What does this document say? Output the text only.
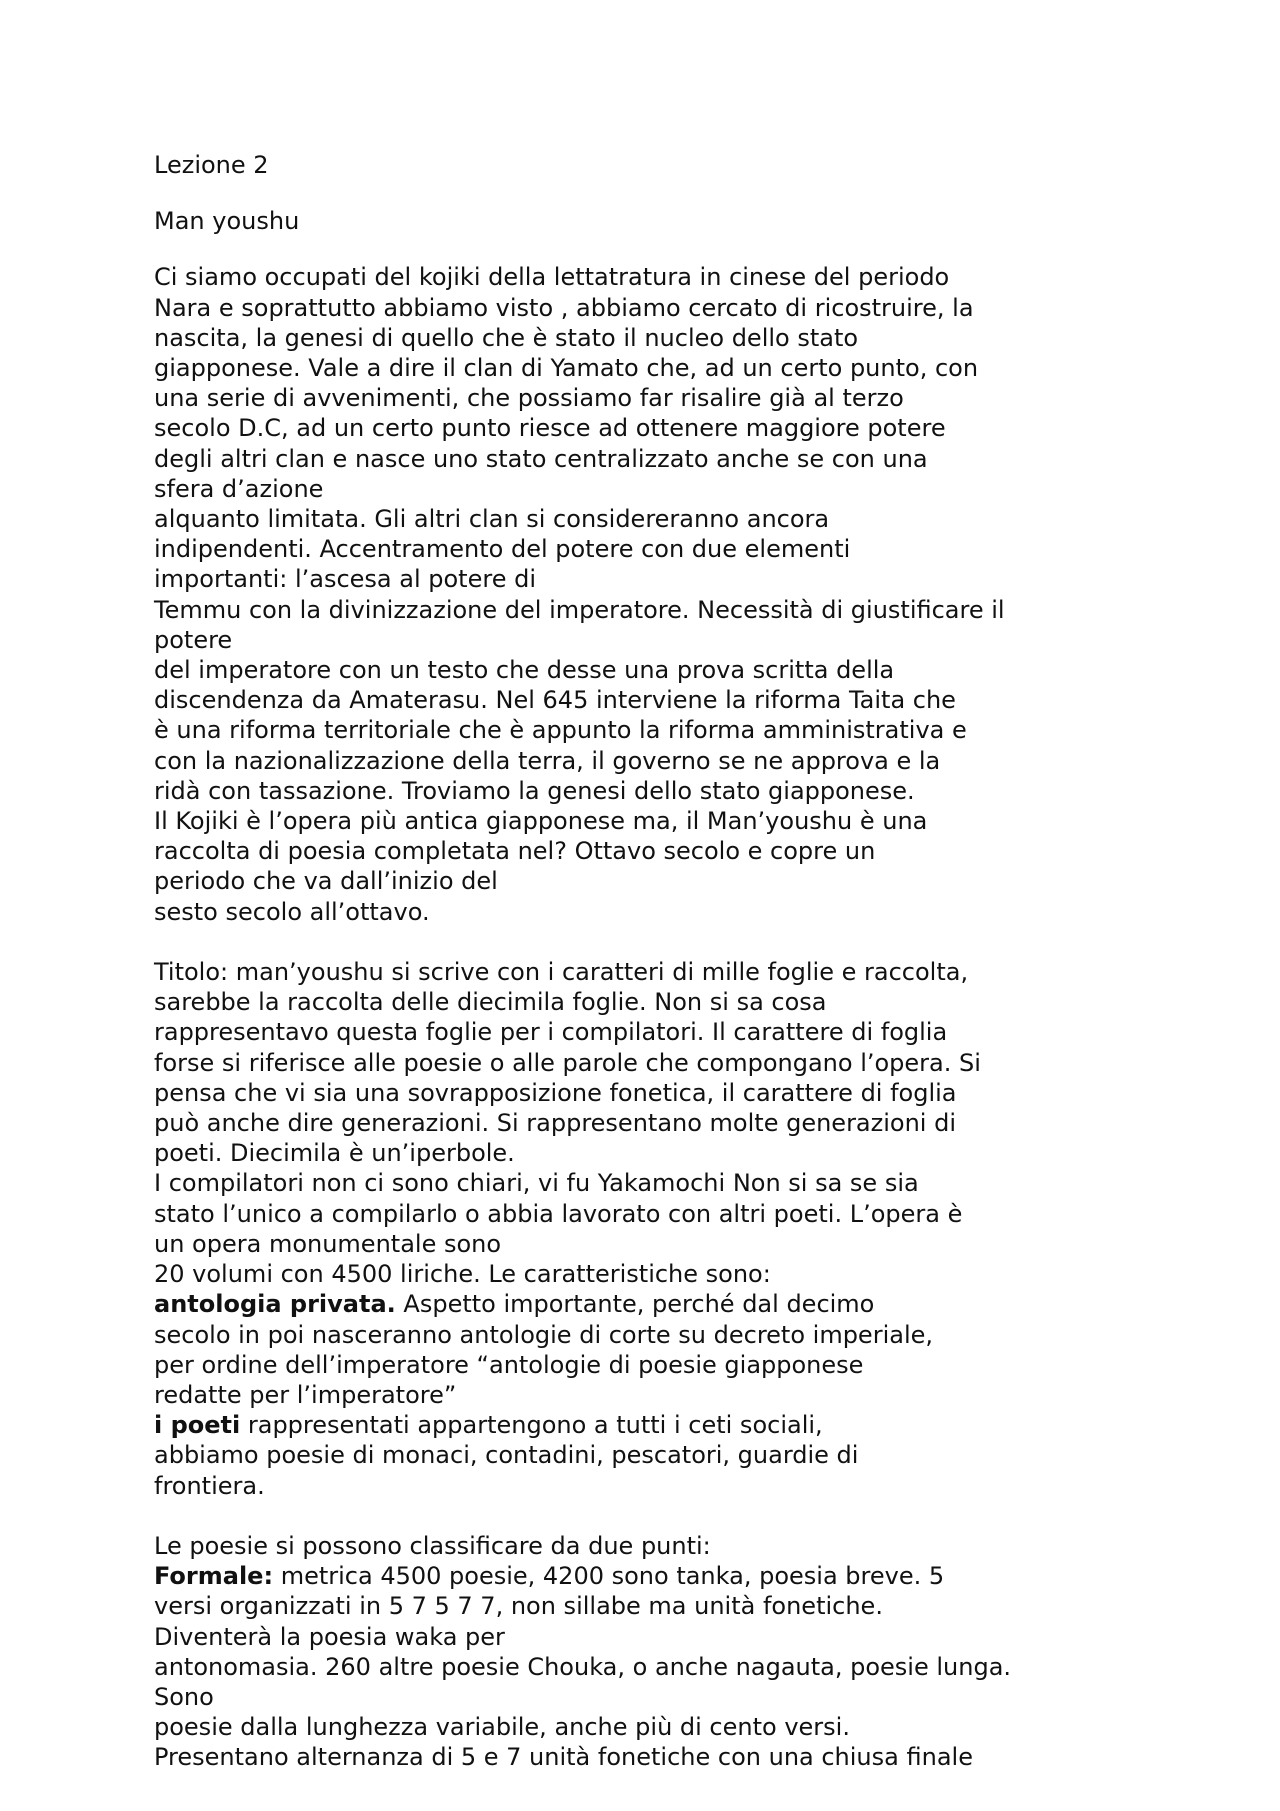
Lezione 2
Man youshu
Ci siamo occupati del kojiki della lettatratura in cinese del periodo
Nara e soprattutto abbiamo visto , abbiamo cercato di ricostruire, la
nascita, la genesi di quello che è stato il nucleo dello stato
giapponese. Vale a dire il clan di Yamato che, ad un certo punto, con
una serie di avvenimenti, che possiamo far risalire già al terzo
secolo D.C, ad un certo punto riesce ad ottenere maggiore potere
degli altri clan e nasce uno stato centralizzato anche se con una
sfera d’azione
alquanto limitata. Gli altri clan si considereranno ancora
indipendenti. Accentramento del potere con due elementi
importanti: l’ascesa al potere di
Temmu con la divinizzazione del imperatore. Necessità di giustificare il
potere
del imperatore con un testo che desse una prova scritta della
discendenza da Amaterasu. Nel 645 interviene la riforma Taita che
è una riforma territoriale che è appunto la riforma amministrativa e
con la nazionalizzazione della terra, il governo se ne approva e la
ridà con tassazione. Troviamo la genesi dello stato giapponese.
Il Kojiki è l’opera più antica giapponese ma, il Man’youshu è una
raccolta di poesia completata nel? Ottavo secolo e copre un
periodo che va dall’inizio del
sesto secolo all’ottavo.
Titolo: man’youshu si scrive con i caratteri di mille foglie e raccolta,
sarebbe la raccolta delle diecimila foglie. Non si sa cosa
rappresentavo questa foglie per i compilatori. Il carattere di foglia
forse si riferisce alle poesie o alle parole che compongano l’opera. Si
pensa che vi sia una sovrapposizione fonetica, il carattere di foglia
può anche dire generazioni. Si rappresentano molte generazioni di
poeti. Diecimila è un’iperbole.
I compilatori non ci sono chiari, vi fu Yakamochi Non si sa se sia
stato l’unico a compilarlo o abbia lavorato con altri poeti. L’opera è
un opera monumentale sono
20 volumi con 4500 liriche. Le caratteristiche sono:
antologia privata. Aspetto importante, perché dal decimo
secolo in poi nasceranno antologie di corte su decreto imperiale,
per ordine dell’imperatore “antologie di poesie giapponese
redatte per l’imperatore”
i poeti rappresentati appartengono a tutti i ceti sociali,
abbiamo poesie di monaci, contadini, pescatori, guardie di
frontiera.
Le poesie si possono classificare da due punti:
Formale: metrica 4500 poesie, 4200 sono tanka, poesia breve. 5
versi organizzati in 5 7 5 7 7, non sillabe ma unità fonetiche.
Diventerà la poesia waka per
antonomasia. 260 altre poesie Chouka, o anche nagauta, poesie lunga.
Sono
poesie dalla lunghezza variabile, anche più di cento versi.
Presentano alternanza di 5 e 7 unità fonetiche con una chiusa finale
